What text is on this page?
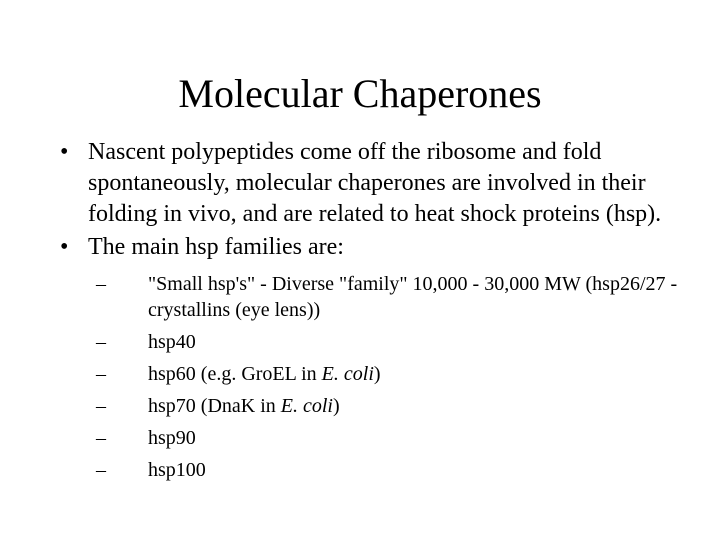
Molecular Chaperones
• Nascent polypeptides come off the ribosome and fold spontaneously, molecular chaperones are involved in their folding in vivo, and are related to heat shock proteins (hsp).
• The main hsp families are:
– "Small hsp's" - Diverse "family" 10,000 - 30,000 MW (hsp26/27 - crystallins (eye lens))
– hsp40
– hsp60 (e.g. GroEL in E. coli)
– hsp70 (DnaK in E. coli)
– hsp90
– hsp100
